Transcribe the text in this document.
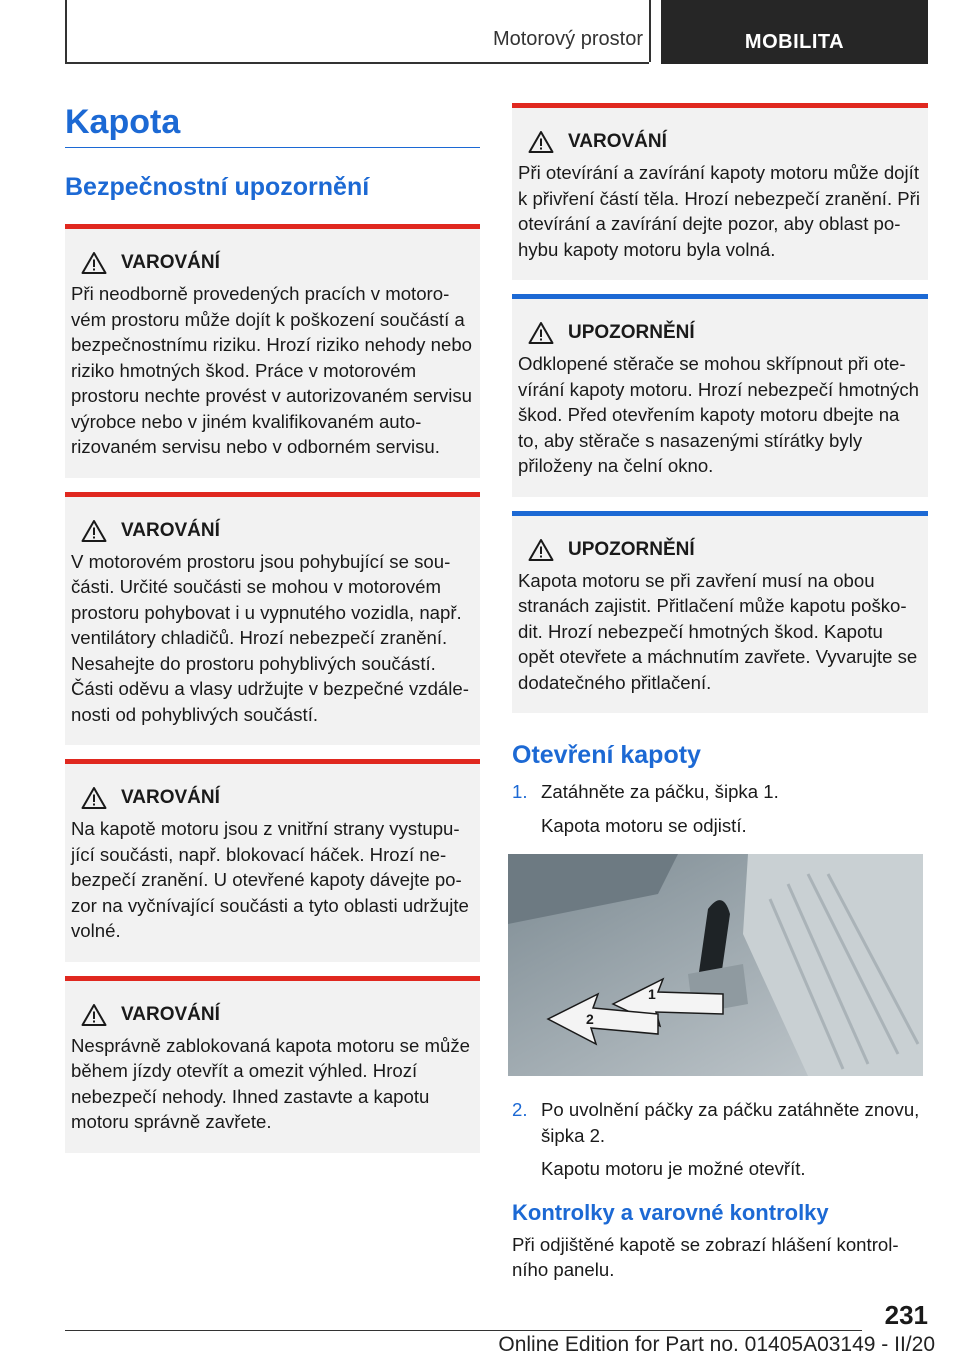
Motorový prostor	MOBILITA
Kapota
Bezpečnostní upozornění
VAROVÁNÍ

Při neodborně provedených pracích v motorovém prostoru může dojít k poškození součástí a bezpečnostnímu riziku. Hrozí riziko nehody nebo riziko hmotných škod. Práce v motorovém prostoru nechte provést v autorizovaném servisu výrobce nebo v jiném kvalifikovaném autorizovaném servisu nebo v odborném servisu.

VAROVÁNÍ

V motorovém prostoru jsou pohybující se součásti. Určité součásti se mohou v motorovém prostoru pohybovat i u vypnutého vozidla, např. ventilátory chladičů. Hrozí nebezpečí zranění. Nesahejte do prostoru pohyblivých součástí. Části oděvu a vlasy udržujte v bezpečné vzdálenosti od pohyblivých součástí.

VAROVÁNÍ

Na kapotě motoru jsou z vnitřní strany vystupující součásti, např. blokovací háček. Hrozí nebezpečí zranění. U otevřené kapoty dávejte pozor na vyčnívající součásti a tyto oblasti udržujte volné.

VAROVÁNÍ

Nesprávně zablokovaná kapota motoru se může během jízdy otevřít a omezit výhled. Hrozí nebezpečí nehody. Ihned zastavte a kapotu motoru správně zavřete.

VAROVÁNÍ

Při otevírání a zavírání kapoty motoru může dojít k přivření částí těla. Hrozí nebezpečí zranění. Při otevírání a zavírání dejte pozor, aby oblast pohybu kapoty motoru byla volná.

UPOZORNĚNÍ

Odklopené stěrače se mohou skřípnout při otevírání kapoty motoru. Hrozí nebezpečí hmotných škod. Před otevřením kapoty motoru dbejte na to, aby stěrače s nasazenými stírátky byly přiloženy na čelní okno.

UPOZORNĚNÍ

Kapota motoru se při zavření musí na obou stranách zajistit. Přitlačení může kapotu poškodit. Hrozí nebezpečí hmotných škod. Kapotu opět otevřete a máchnutím zavřete. Vyvarujte se dodatečného přitlačení.

Otevření kapoty
1. Zatáhněte za páčku, šipka 1.
Kapota motoru se odjistí.
1
2
2. Po uvolnění páčky za páčku zatáhněte znovu, šipka 2.
Kapotu motoru je možné otevřít.
Kontrolky a varovné kontrolky

Při odjištěné kapotě se zobrazí hlášení kontrolního panelu.

231
Online Edition for Part no. 01405A03149 - II/20
